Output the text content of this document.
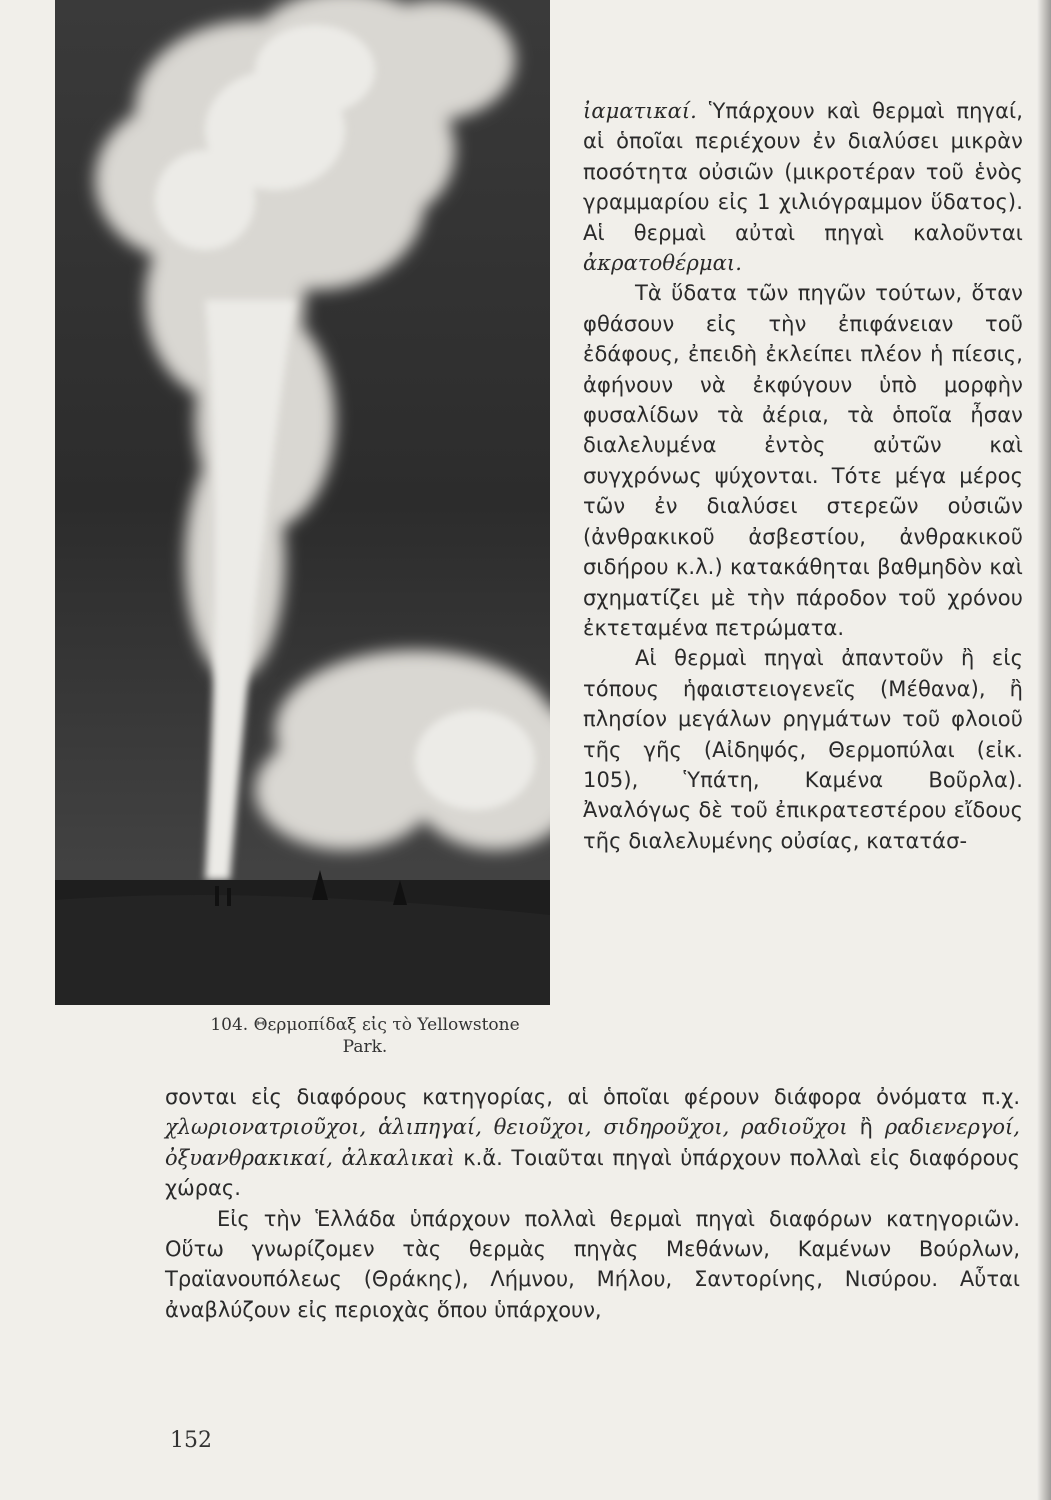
104. Θερμοπίδαξ εἰς τὸ Yellowstone
Park.

ἰαματικαί. Ὑπάρχουν καὶ θερμαὶ πηγαί, αἱ ὁποῖαι περιέχουν ἐν διαλύσει μικρὰν ποσότητα οὐσιῶν (μικροτέραν τοῦ ἑνὸς γραμμαρίου εἰς 1 χιλιόγραμμον ὕδατος). Αἱ θερμαὶ αὐταὶ πηγαὶ καλοῦνται ἀκρατοθέρμαι.

Τὰ ὕδατα τῶν πηγῶν τούτων, ὅταν φθάσουν εἰς τὴν ἐπιφάνειαν τοῦ ἐδάφους, ἐπειδὴ ἐκλείπει πλέον ἡ πίεσις, ἀφήνουν νὰ ἐκφύγουν ὑπὸ μορφὴν φυσαλίδων τὰ ἀέρια, τὰ ὁποῖα ἦσαν διαλελυμένα ἐντὸς αὐτῶν καὶ συγχρόνως ψύχονται. Τότε μέγα μέρος τῶν ἐν διαλύσει στερεῶν οὐσιῶν (ἀνθρακικοῦ ἀσβεστίου, ἀνθρακικοῦ σιδήρου κ.λ.) κατακάθηται βαθμηδὸν καὶ σχηματίζει μὲ τὴν πάροδον τοῦ χρόνου ἐκτεταμένα πετρώματα.

Αἱ θερμαὶ πηγαὶ ἀπαντοῦν ἢ εἰς τόπους ἡφαιστειογενεῖς (Μέθανα), ἢ πλησίον μεγάλων ρηγμάτων τοῦ φλοιοῦ τῆς γῆς (Αἰδηψός, Θερμοπύλαι (εἰκ. 105), Ὑπάτη, Καμένα Βοῦρλα). Ἀναλόγως δὲ τοῦ ἐπικρατεστέρου εἴδους τῆς διαλελυμένης οὐσίας, κατατάσ-

σονται εἰς διαφόρους κατηγορίας, αἱ ὁποῖαι φέρουν διάφορα ὀνόματα π.χ. χλωριονατριοῦχοι, ἁλιπηγαί, θειοῦχοι, σιδηροῦχοι, ραδιοῦχοι ἢ ραδιενεργοί, ὀξυανθρακικαί, ἀλκαλικαὶ κ.ἄ. Τοιαῦται πηγαὶ ὑπάρχουν πολλαὶ εἰς διαφόρους χώρας.

Εἰς τὴν Ἑλλάδα ὑπάρχουν πολλαὶ θερμαὶ πηγαὶ διαφόρων κατηγοριῶν. Οὕτω γνωρίζομεν τὰς θερμὰς πηγὰς Μεθάνων, Καμένων Βούρλων, Τραϊανουπόλεως (Θράκης), Λήμνου, Μήλου, Σαντορίνης, Νισύρου. Αὗται ἀναβλύζουν εἰς περιοχὰς ὅπου ὑπάρχουν,

152
